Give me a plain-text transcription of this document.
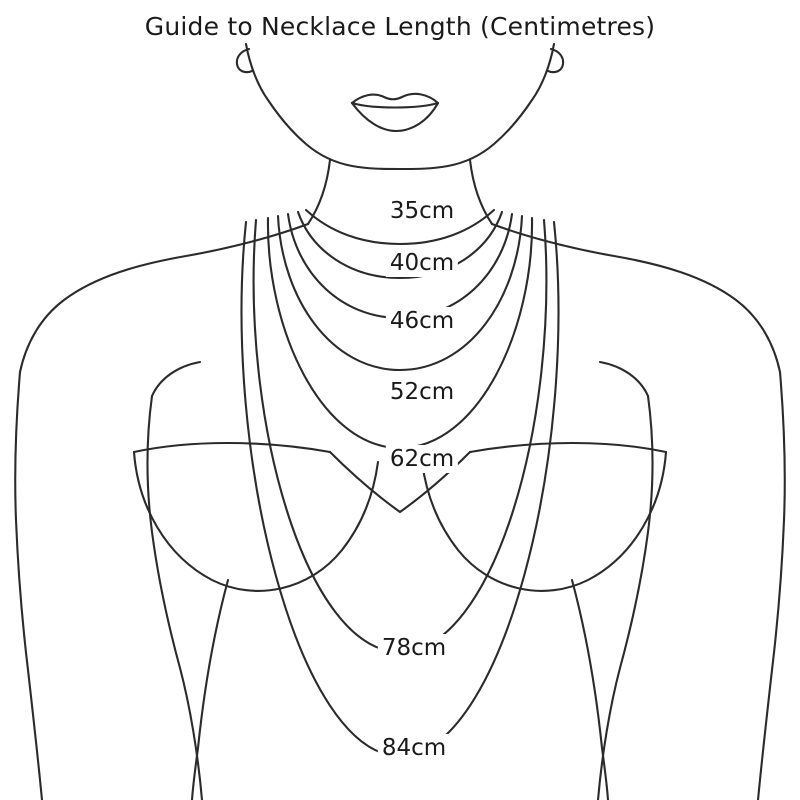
Guide to Necklace Length (Centimetres)
35cm
40cm
46cm
52cm
62cm
78cm
84cm
